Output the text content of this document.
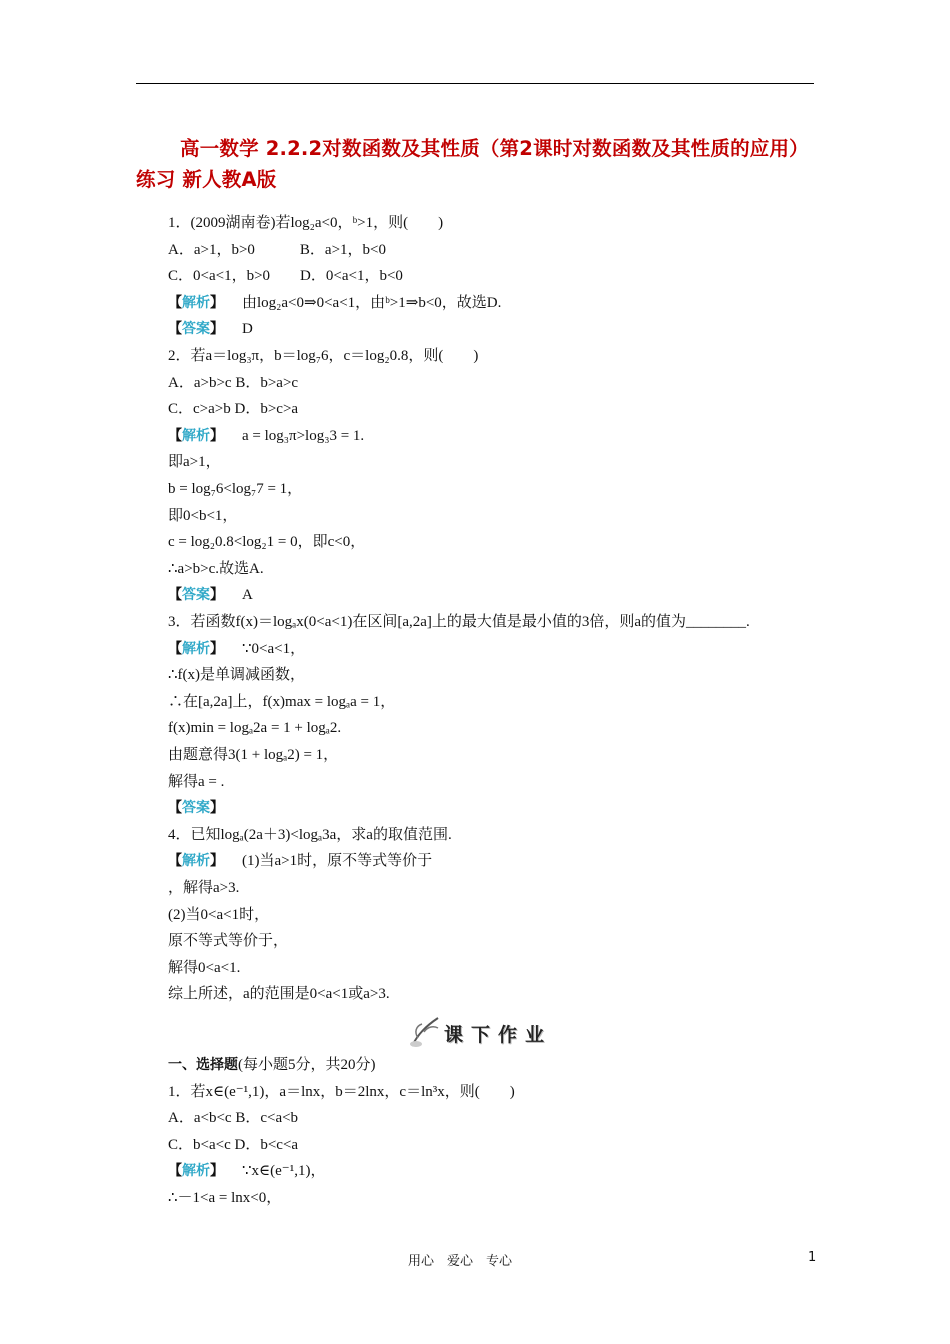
高一数学 2.2.2对数函数及其性质（第2课时对数函数及其性质的应用）练习 新人教A版
1．(2009湖南卷)若log₂a<0，ᵇ>1，则(　　)
A．a>1，b>0　　　B．a>1，b<0
C．0<a<1，b>0　　D．0<a<1，b<0
【解析】 由log₂a<0⇒0<a<1，由ᵇ>1⇒b<0，故选D.
【答案】 D
2．若a＝log₃π，b＝log₇6，c＝log₂0.8，则(　　)
A．a>b>c B．b>a>c
C．c>a>b D．b>c>a
【解析】 a = log₃π>log₃3 = 1.
即a>1，
b = log₇6<log₇7 = 1，
即0<b<1，
c = log₂0.8<log₂1 = 0，即c<0，
∴a>b>c.故选A.
【答案】 A
3．若函数f(x)＝logₐx(0<a<1)在区间[a,2a]上的最大值是最小值的3倍，则a的值为________.
【解析】 ∵0<a<1，
∴f(x)是单调减函数，
∴在[a,2a]上，f(x)max = logₐa = 1，
f(x)min = logₐ2a = 1 + logₐ2.
由题意得3(1 + logₐ2) = 1，
解得a = .
【答案】
4．已知logₐ(2a＋3)<logₐ3a，求a的取值范围.
【解析】 (1)当a>1时，原不等式等价于
，解得a>3.
(2)当0<a<1时，
原不等式等价于，
解得0<a<1.
综上所述，a的范围是0<a<1或a>3.
课下作业
一、选择题(每小题5分，共20分)
1．若x∈(e⁻¹,1)，a＝lnx，b＝2lnx，c＝ln³x，则(　　)
A．a<b<c B．c<a<b
C．b<a<c D．b<c<a
【解析】 ∵x∈(e⁻¹,1)，
∴－1<a = lnx<0，
用心　爱心　专心	1
